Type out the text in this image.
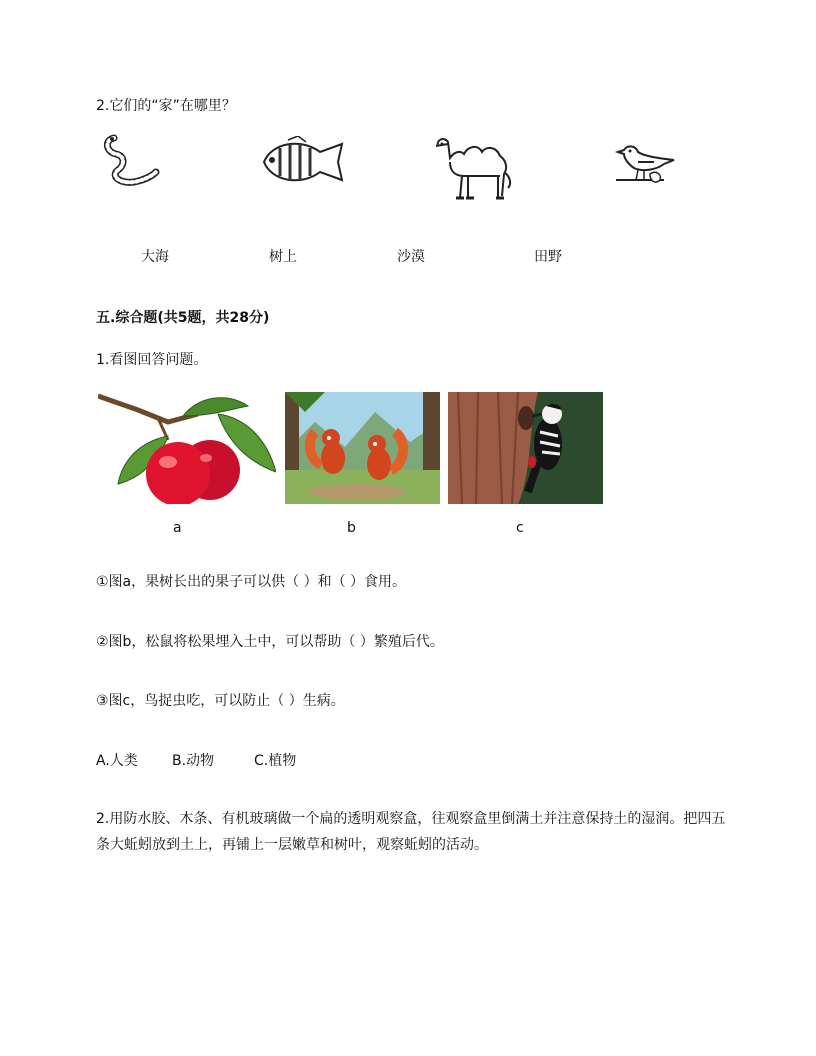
2.它们的“家”在哪里？
大海	树上	沙漠	田野
五.综合题(共5题，共28分)
1.看图回答问题。
a	b	c
①图a，果树长出的果子可以供（ ）和（ ）食用。
②图b，松鼠将松果埋入土中，可以帮助（ ）繁殖后代。
③图c，鸟捉虫吃，可以防止（ ）生病。
A.人类 B.动物	C.植物
2.用防水胶、木条、有机玻璃做一个扁的透明观察盒，往观察盒里倒满土并注意保持土的湿润。把四五条大蚯蚓放到土上，再铺上一层嫩草和树叶，观察蚯蚓的活动。
